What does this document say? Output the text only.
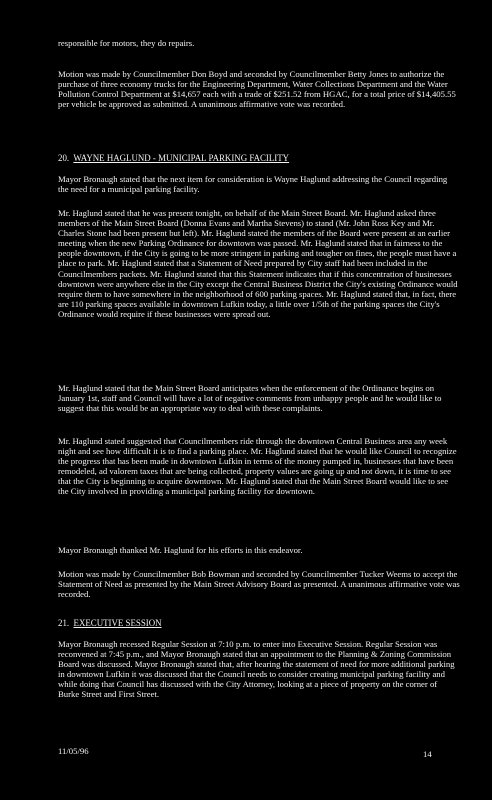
responsible for motors, they do repairs.

Motion was made by Councilmember Don Boyd and seconded by Councilmember Betty Jones to authorize the purchase of three economy trucks for the Engineering Department, Water Collections Department and the Water Pollution Control Department at $14,657 each with a trade of $251.52 from HGAC, for a total price of $14,405.55 per vehicle be approved as submitted. A unanimous affirmative vote was recorded.

20. WAYNE HAGLUND - MUNICIPAL PARKING FACILITY

Mayor Bronaugh stated that the next item for consideration is Wayne Haglund addressing the Council regarding the need for a municipal parking facility.

Mr. Haglund stated that he was present tonight, on behalf of the Main Street Board. Mr. Haglund asked three members of the Main Street Board (Donna Evans and Martha Stevens) to stand (Mr. John Ross Key and Mr. Charles Stone had been present but left). Mr. Haglund stated the members of the Board were present at an earlier meeting when the new Parking Ordinance for downtown was passed. Mr. Haglund stated that in fairness to the people downtown, if the City is going to be more stringent in parking and tougher on fines, the people must have a place to park. Mr. Haglund stated that a Statement of Need prepared by City staff had been included in the Councilmembers packets. Mr. Haglund stated that this Statement indicates that if this concentration of businesses downtown were anywhere else in the City except the Central Business District the City's existing Ordinance would require them to have somewhere in the neighborhood of 600 parking spaces. Mr. Haglund stated that, in fact, there are 110 parking spaces available in downtown Lufkin today, a little over 1/5th of the parking spaces the City's Ordinance would require if these businesses were spread out.

Mr. Haglund stated that the Main Street Board anticipates when the enforcement of the Ordinance begins on January 1st, staff and Council will have a lot of negative comments from unhappy people and he would like to suggest that this would be an appropriate way to deal with these complaints.

Mr. Haglund stated suggested that Councilmembers ride through the downtown Central Business area any week night and see how difficult it is to find a parking place. Mr. Haglund stated that he would like Council to recognize the progress that has been made in downtown Lufkin in terms of the money pumped in, businesses that have been remodeled, ad valorem taxes that are being collected, property values are going up and not down, it is time to see that the City is beginning to acquire downtown. Mr. Haglund stated that the Main Street Board would like to see the City involved in providing a municipal parking facility for downtown.

Mayor Bronaugh thanked Mr. Haglund for his efforts in this endeavor.

Motion was made by Councilmember Bob Bowman and seconded by Councilmember Tucker Weems to accept the Statement of Need as presented by the Main Street Advisory Board as presented. A unanimous affirmative vote was recorded.

21. EXECUTIVE SESSION

Mayor Bronaugh recessed Regular Session at 7:10 p.m. to enter into Executive Session. Regular Session was reconvened at 7:45 p.m., and Mayor Bronaugh stated that an appointment to the Planning & Zoning Commission Board was discussed. Mayor Bronaugh stated that, after hearing the statement of need for more additional parking in downtown Lufkin it was discussed that the Council needs to consider creating municipal parking facility and while doing that Council has discussed with the City Attorney, looking at a piece of property on the corner of Burke Street and First Street.

11/05/96	14
